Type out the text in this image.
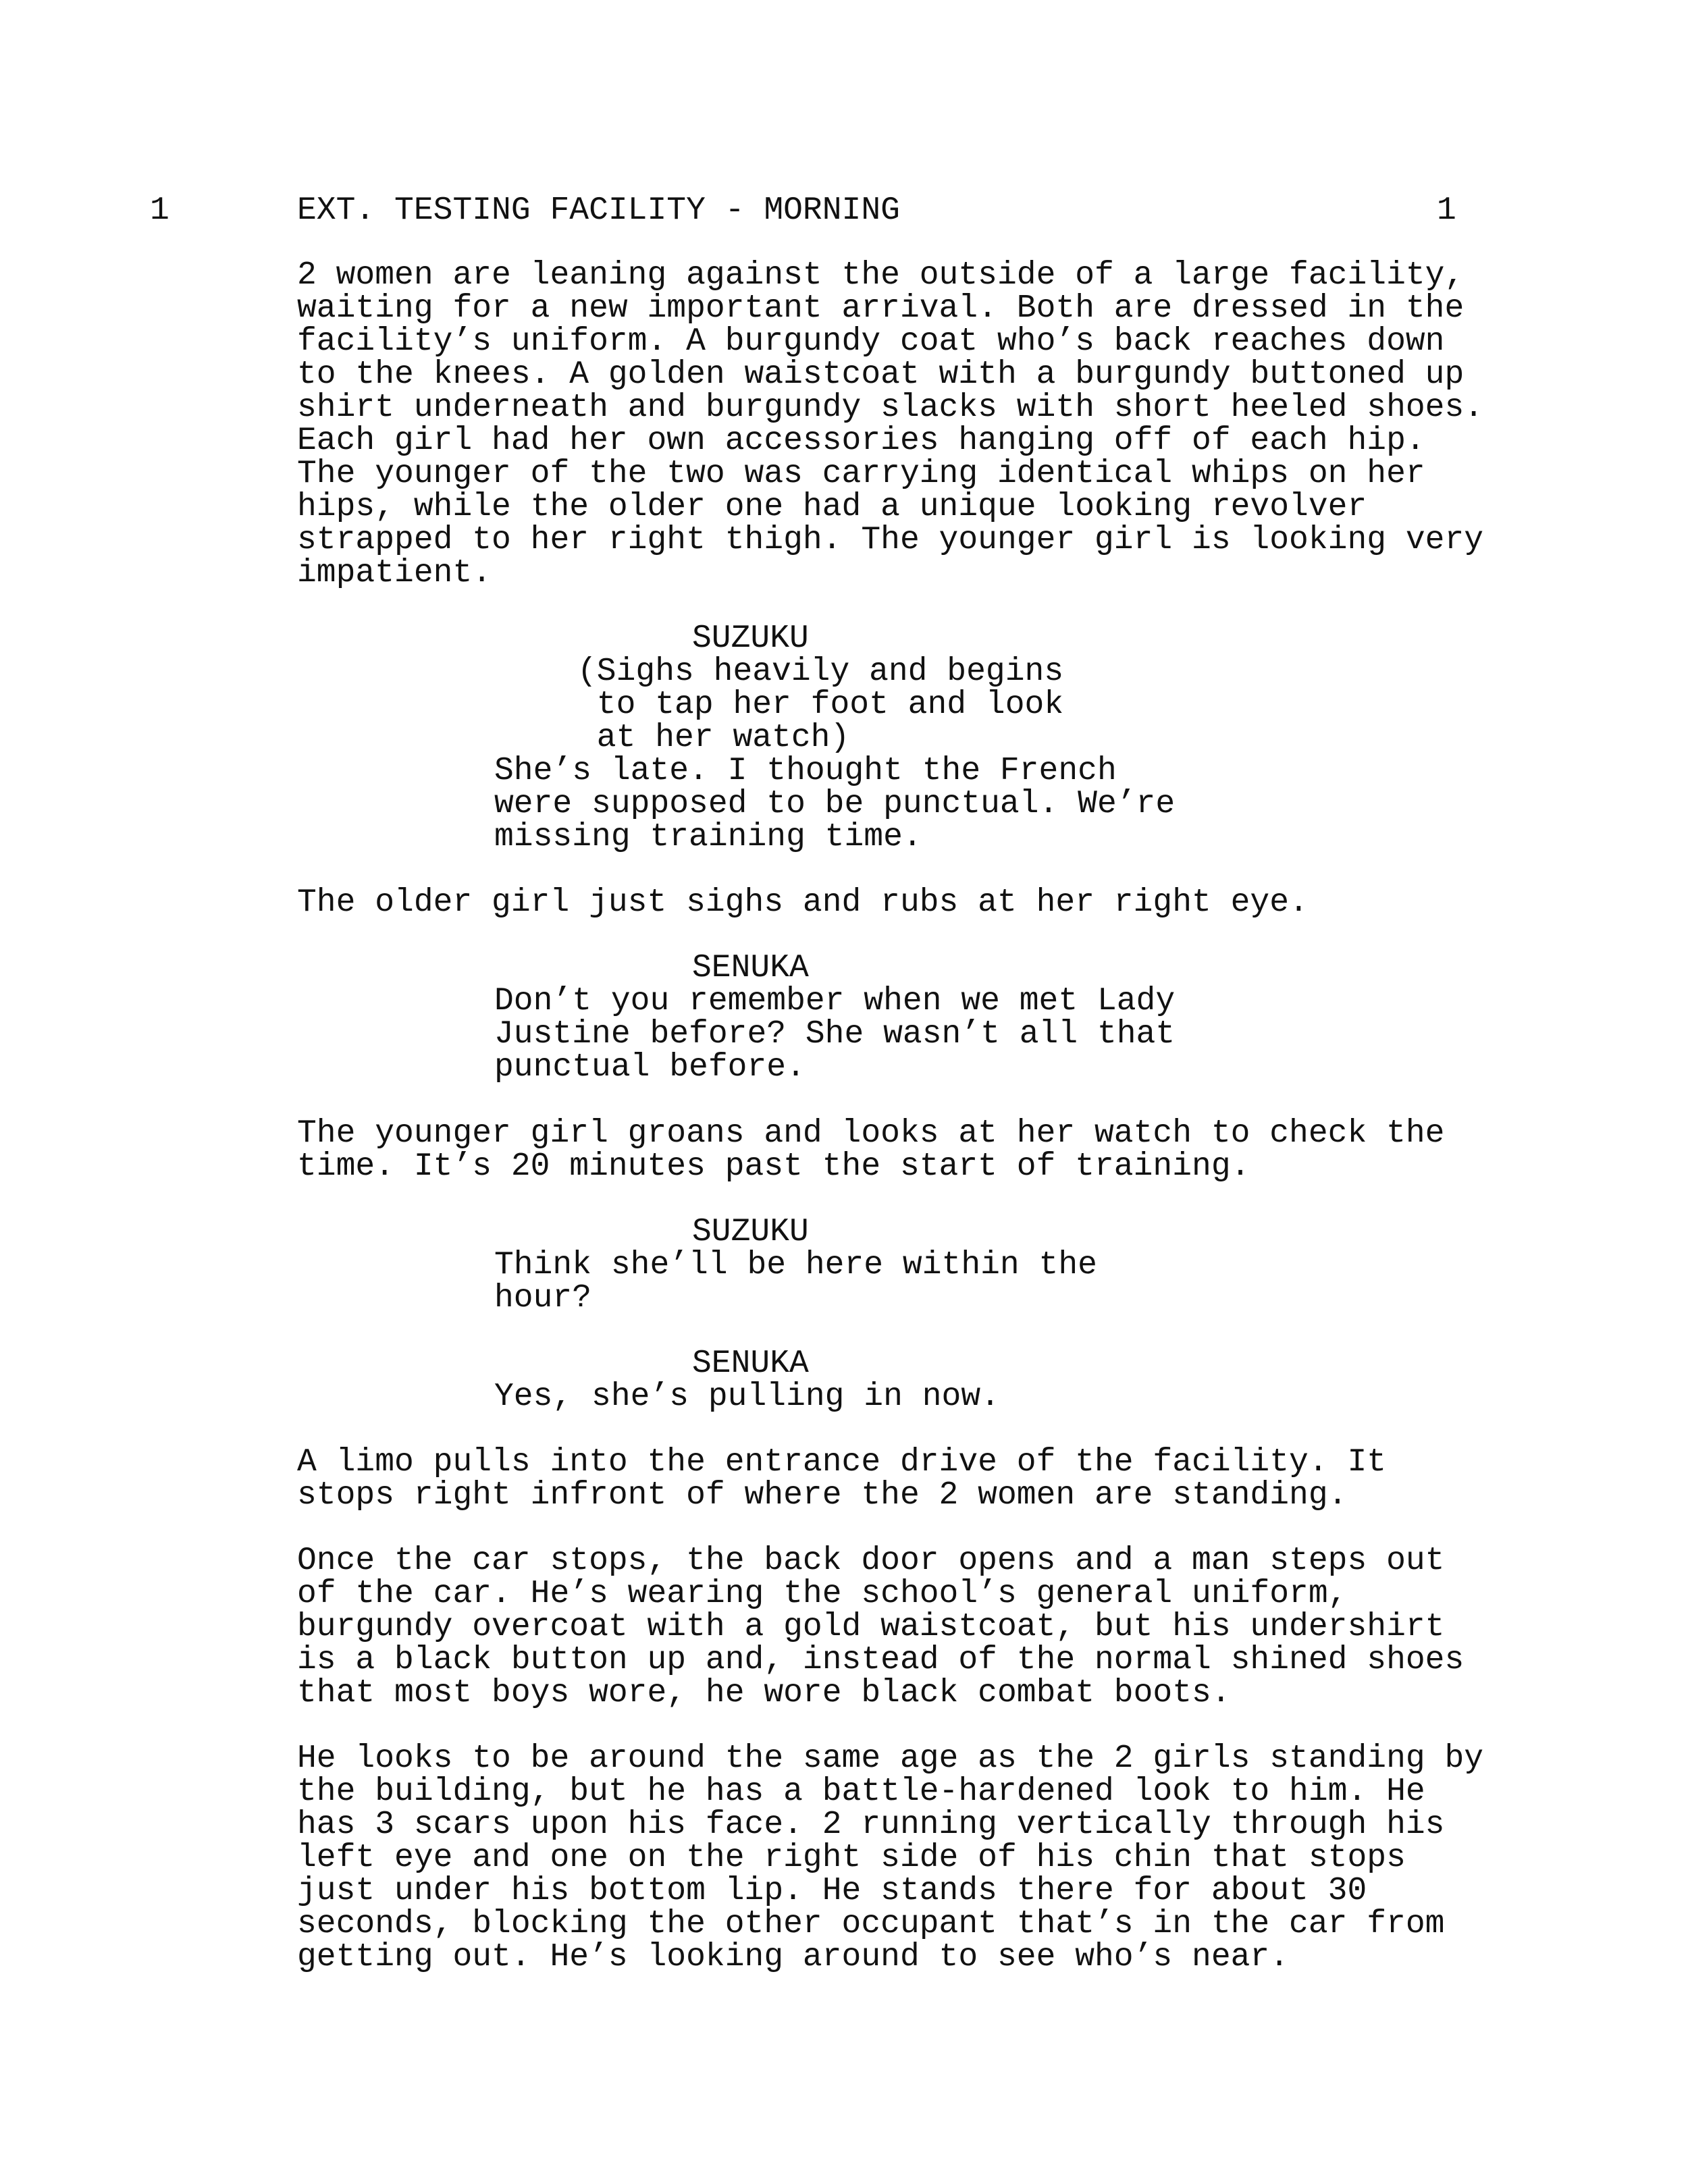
1	EXT. TESTING FACILITY - MORNING	1
2 women are leaning against the outside of a large facility,
waiting for a new important arrival. Both are dressed in the
facility’s uniform. A burgundy coat who’s back reaches down
to the knees. A golden waistcoat with a burgundy buttoned up
shirt underneath and burgundy slacks with short heeled shoes.
Each girl had her own accessories hanging off of each hip.
The younger of the two was carrying identical whips on her
hips, while the older one had a unique looking revolver
strapped to her right thigh. The younger girl is looking very
impatient.
SUZUKU
(Sighs heavily and begins
to tap her foot and look
at her watch)
She’s late. I thought the French
were supposed to be punctual. We’re
missing training time.
The older girl just sighs and rubs at her right eye.
SENUKA
Don’t you remember when we met Lady
Justine before? She wasn’t all that
punctual before.
The younger girl groans and looks at her watch to check the
time. It’s 20 minutes past the start of training.
SUZUKU
Think she’ll be here within the
hour?
SENUKA
Yes, she’s pulling in now.
A limo pulls into the entrance drive of the facility. It
stops right infront of where the 2 women are standing.
Once the car stops, the back door opens and a man steps out
of the car. He’s wearing the school’s general uniform,
burgundy overcoat with a gold waistcoat, but his undershirt
is a black button up and, instead of the normal shined shoes
that most boys wore, he wore black combat boots.
He looks to be around the same age as the 2 girls standing by
the building, but he has a battle-hardened look to him. He
has 3 scars upon his face. 2 running vertically through his
left eye and one on the right side of his chin that stops
just under his bottom lip. He stands there for about 30
seconds, blocking the other occupant that’s in the car from
getting out. He’s looking around to see who’s near.
